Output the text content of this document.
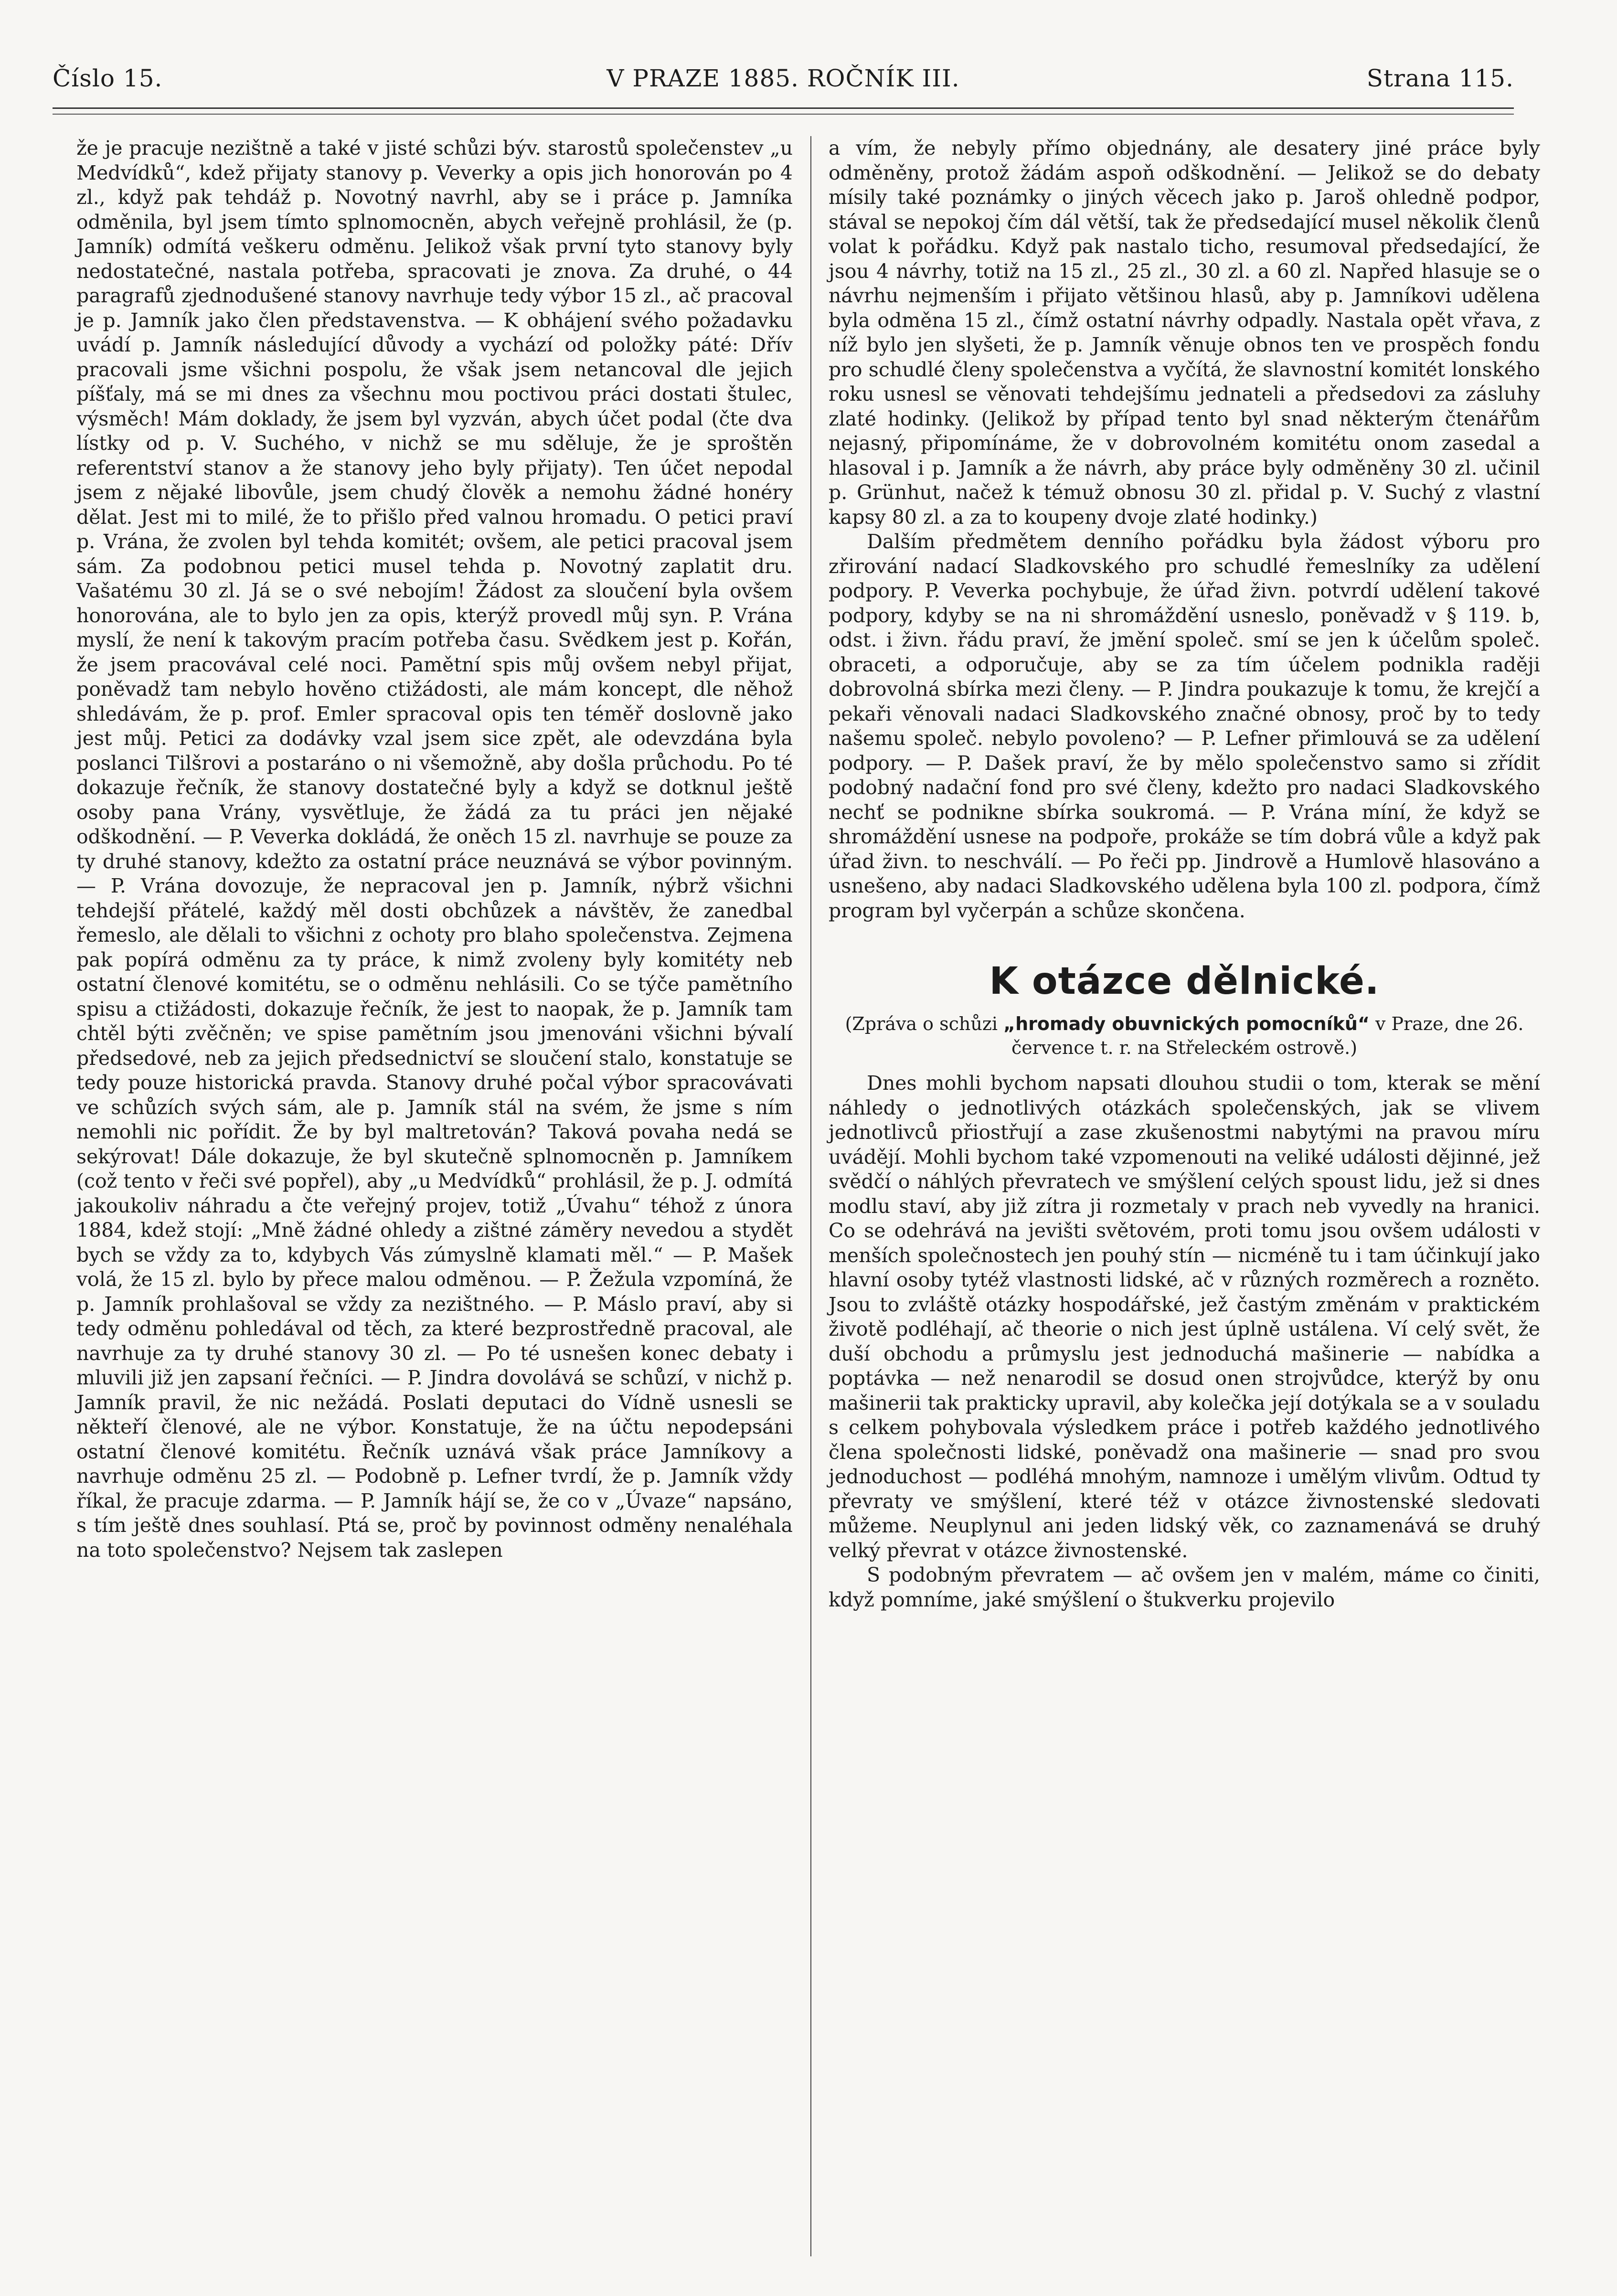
Číslo 15.	V PRAZE 1885. ROČNÍK III.	Strana 115.

že je pracuje nezištně a také v jisté schůzi býv. starostů společenstev „u Medvídků“, kdež přijaty stanovy p. Veverky a opis jich honorován po 4 zl., když pak tehdáž p. Novotný navrhl, aby se i práce p. Jamníka odměnila, byl jsem tímto splnomocněn, abych veřejně prohlásil, že (p. Jamník) odmítá veškeru odměnu. Jelikož však první tyto stanovy byly nedostatečné, nastala potřeba, spracovati je znova. Za druhé, o 44 paragrafů zjednodušené stanovy navrhuje tedy výbor 15 zl., ač pracoval je p. Jamník jako člen představenstva. — K obhájení svého požadavku uvádí p. Jamník následující důvody a vychází od položky páté: Dřív pracovali jsme všichni pospolu, že však jsem netancoval dle jejich píšťaly, má se mi dnes za všechnu mou poctivou práci dostati štulec, výsměch! Mám doklady, že jsem byl vyzván, abych účet podal (čte dva lístky od p. V. Suchého, v nichž se mu sděluje, že je sproštěn referentství stanov a že stanovy jeho byly přijaty). Ten účet nepodal jsem z nějaké libovůle, jsem chudý člověk a nemohu žádné honéry dělat. Jest mi to milé, že to přišlo před valnou hromadu. O petici praví p. Vrána, že zvolen byl tehda komitét; ovšem, ale petici pracoval jsem sám. Za podobnou petici musel tehda p. Novotný zaplatit dru. Vašatému 30 zl. Já se o své nebojím! Žádost za sloučení byla ovšem honorována, ale to bylo jen za opis, kterýž provedl můj syn. P. Vrána myslí, že není k takovým pracím potřeba času. Svědkem jest p. Kořán, že jsem pracovával celé noci. Pamětní spis můj ovšem nebyl přijat, poněvadž tam nebylo hověno ctižádosti, ale mám koncept, dle něhož shledávám, že p. prof. Emler spracoval opis ten téměř doslovně jako jest můj. Petici za dodávky vzal jsem sice zpět, ale odevzdána byla poslanci Tilšrovi a postaráno o ni všemožně, aby došla průchodu. Po té dokazuje řečník, že stanovy dostatečné byly a když se dotknul ještě osoby pana Vrány, vysvětluje, že žádá za tu práci jen nějaké odškodnění. — P. Veverka dokládá, že oněch 15 zl. navrhuje se pouze za ty druhé stanovy, kdežto za ostatní práce neuznává se výbor povinným. — P. Vrána dovozuje, že nepracoval jen p. Jamník, nýbrž všichni tehdejší přátelé, každý měl dosti obchůzek a návštěv, že zanedbal řemeslo, ale dělali to všichni z ochoty pro blaho společenstva. Zejmena pak popírá odměnu za ty práce, k nimž zvoleny byly komitéty neb ostatní členové komitétu, se o odměnu nehlásili. Co se týče pamětního spisu a ctižádosti, dokazuje řečník, že jest to naopak, že p. Jamník tam chtěl býti zvěčněn; ve spise pamětním jsou jmenováni všichni bývalí předsedové, neb za jejich předsednictví se sloučení stalo, konstatuje se tedy pouze historická pravda. Stanovy druhé počal výbor spracovávati ve schůzích svých sám, ale p. Jamník stál na svém, že jsme s ním nemohli nic pořídit. Že by byl maltretován? Taková povaha nedá se sekýrovat! Dále dokazuje, že byl skutečně splnomocněn p. Jamníkem (což tento v řeči své popřel), aby „u Medvídků“ prohlásil, že p. J. odmítá jakoukoliv náhradu a čte veřejný projev, totiž „Úvahu“ téhož z února 1884, kdež stojí: „Mně žádné ohledy a zištné záměry nevedou a stydět bych se vždy za to, kdybych Vás zúmyslně klamati měl.“ — P. Mašek volá, že 15 zl. bylo by přece malou odměnou. — P. Žežula vzpomíná, že p. Jamník prohlašoval se vždy za nezištného. — P. Máslo praví, aby si tedy odměnu pohledával od těch, za které bezprostředně pracoval, ale navrhuje za ty druhé stanovy 30 zl. — Po té usnešen konec debaty i mluvili již jen zapsaní řečníci. — P. Jindra dovolává se schůzí, v nichž p. Jamník pravil, že nic nežádá. Poslati deputaci do Vídně usnesli se někteří členové, ale ne výbor. Konstatuje, že na účtu nepodepsáni ostatní členové komitétu. Řečník uznává však práce Jamníkovy a navrhuje odměnu 25 zl. — Podobně p. Lefner tvrdí, že p. Jamník vždy říkal, že pracuje zdarma. — P. Jamník hájí se, že co v „Úvaze“ napsáno, s tím ještě dnes souhlasí. Ptá se, proč by povinnost odměny nenaléhala na toto společenstvo? Nejsem tak zaslepen

a vím, že nebyly přímo objednány, ale desatery jiné práce byly odměněny, protož žádám aspoň odškodnění. — Jelikož se do debaty mísily také poznámky o jiných věcech jako p. Jaroš ohledně podpor, stával se nepokoj čím dál větší, tak že předsedající musel několik členů volat k pořádku. Když pak nastalo ticho, resumoval předsedající, že jsou 4 návrhy, totiž na 15 zl., 25 zl., 30 zl. a 60 zl. Napřed hlasuje se o návrhu nejmenším i přijato většinou hlasů, aby p. Jamníkovi udělena byla odměna 15 zl., čímž ostatní návrhy odpadly. Nastala opět vřava, z níž bylo jen slyšeti, že p. Jamník věnuje obnos ten ve prospěch fondu pro schudlé členy společenstva a vyčítá, že slavnostní komitét lonského roku usnesl se věnovati tehdejšímu jednateli a předsedovi za zásluhy zlaté hodinky. (Jelikož by případ tento byl snad některým čtenářům nejasný, připomínáme, že v dobrovolném komitétu onom zasedal a hlasoval i p. Jamník a že návrh, aby práce byly odměněny 30 zl. učinil p. Grünhut, načež k témuž obnosu 30 zl. přidal p. V. Suchý z vlastní kapsy 80 zl. a za to koupeny dvoje zlaté hodinky.)

Dalším předmětem denního pořádku byla žádost výboru pro zřirování nadací Sladkovského pro schudlé řemeslníky za udělení podpory. P. Veverka pochybuje, že úřad živn. potvrdí udělení takové podpory, kdyby se na ni shromáždění usneslo, poněvadž v § 119. b, odst. i živn. řádu praví, že jmění společ. smí se jen k účelům společ. obraceti, a odporučuje, aby se za tím účelem podnikla raději dobrovolná sbírka mezi členy. — P. Jindra poukazuje k tomu, že krejčí a pekaři věnovali nadaci Sladkovského značné obnosy, proč by to tedy našemu společ. nebylo povoleno? — P. Lefner přimlouvá se za udělení podpory. — P. Dašek praví, že by mělo společenstvo samo si zřídit podobný nadační fond pro své členy, kdežto pro nadaci Sladkovského nechť se podnikne sbírka soukromá. — P. Vrána míní, že když se shromáždění usnese na podpoře, prokáže se tím dobrá vůle a když pak úřad živn. to neschválí. — Po řeči pp. Jindrově a Humlově hlasováno a usnešeno, aby nadaci Sladkovského udělena byla 100 zl. podpora, čímž program byl vyčerpán a schůze skončena.

K otázce dělnické.
(Zpráva o schůzi „hromady obuvnických pomocníků“ v Praze, dne 26. července t. r. na Střeleckém ostrově.)

Dnes mohli bychom napsati dlouhou studii o tom, kterak se mění náhledy o jednotlivých otázkách společenských, jak se vlivem jednotlivců přiostřují a zase zkušenostmi nabytými na pravou míru uvádějí. Mohli bychom také vzpomenouti na veliké události dějinné, jež svědčí o náhlých převratech ve smýšlení celých spoust lidu, jež si dnes modlu staví, aby již zítra ji rozmetaly v prach neb vyvedly na hranici. Co se odehrává na jevišti světovém, proti tomu jsou ovšem události v menších společnostech jen pouhý stín — nicméně tu i tam účinkují jako hlavní osoby tytéž vlastnosti lidské, ač v různých rozměrech a rozněto. Jsou to zvláště otázky hospodářské, jež častým změnám v praktickém životě podléhají, ač theorie o nich jest úplně ustálena. Ví celý svět, že duší obchodu a průmyslu jest jednoduchá mašinerie — nabídka a poptávka — než nenarodil se dosud onen strojvůdce, kterýž by onu mašinerii tak prakticky upravil, aby kolečka její dotýkala se a v souladu s celkem pohybovala výsledkem práce i potřeb každého jednotlivého člena společnosti lidské, poněvadž ona mašinerie — snad pro svou jednoduchost — podléhá mnohým, namnoze i umělým vlivům. Odtud ty převraty ve smýšlení, které též v otázce živnostenské sledovati můžeme. Neuplynul ani jeden lidský věk, co zaznamenává se druhý velký převrat v otázce živnostenské.

S podobným převratem — ač ovšem jen v malém, máme co činiti, když pomníme, jaké smýšlení o štukverku projevilo
